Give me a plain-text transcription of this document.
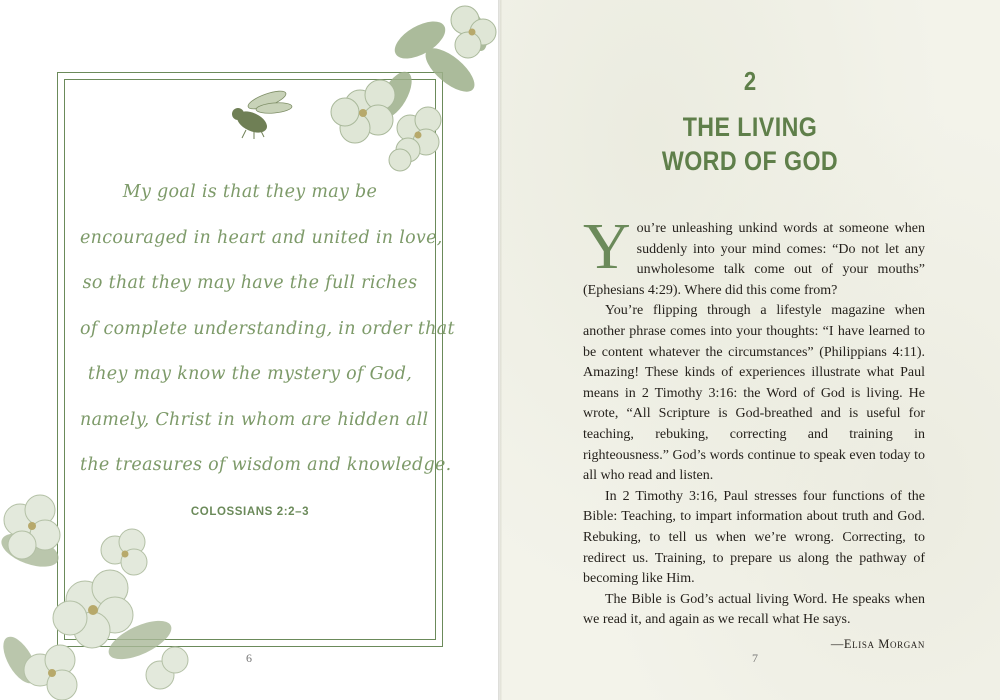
My goal is that they may be
encouraged in heart and united in love,
so that they may have the full riches
of complete understanding, in order that
they may know the mystery of God,
namely, Christ in whom are hidden all
the treasures of wisdom and knowledge.
COLOSSIANS 2:2–3
6
2
THE LIVING
WORD OF GOD

You’re unleashing unkind words at someone when suddenly into your mind comes: “Do not let any unwholesome talk come out of your mouths” (Ephesians 4:29). Where did this come from?

You’re flipping through a lifestyle magazine when another phrase comes into your thoughts: “I have learned to be content whatever the circumstances” (Philippians 4:11). Amazing! These kinds of experiences illustrate what Paul means in 2 Timothy 3:16: the Word of God is living. He wrote, “All Scripture is God-breathed and is useful for teaching, rebuking, correcting and training in righteousness.” God’s words continue to speak even today to all who read and listen.

In 2 Timothy 3:16, Paul stresses four functions of the Bible: Teaching, to impart information about truth and God. Rebuking, to tell us when we’re wrong. Correcting, to redirect us. Training, to prepare us along the pathway of becoming like Him.

The Bible is God’s actual living Word. He speaks when we read it, and again as we recall what He says.

—Elisa Morgan
7
